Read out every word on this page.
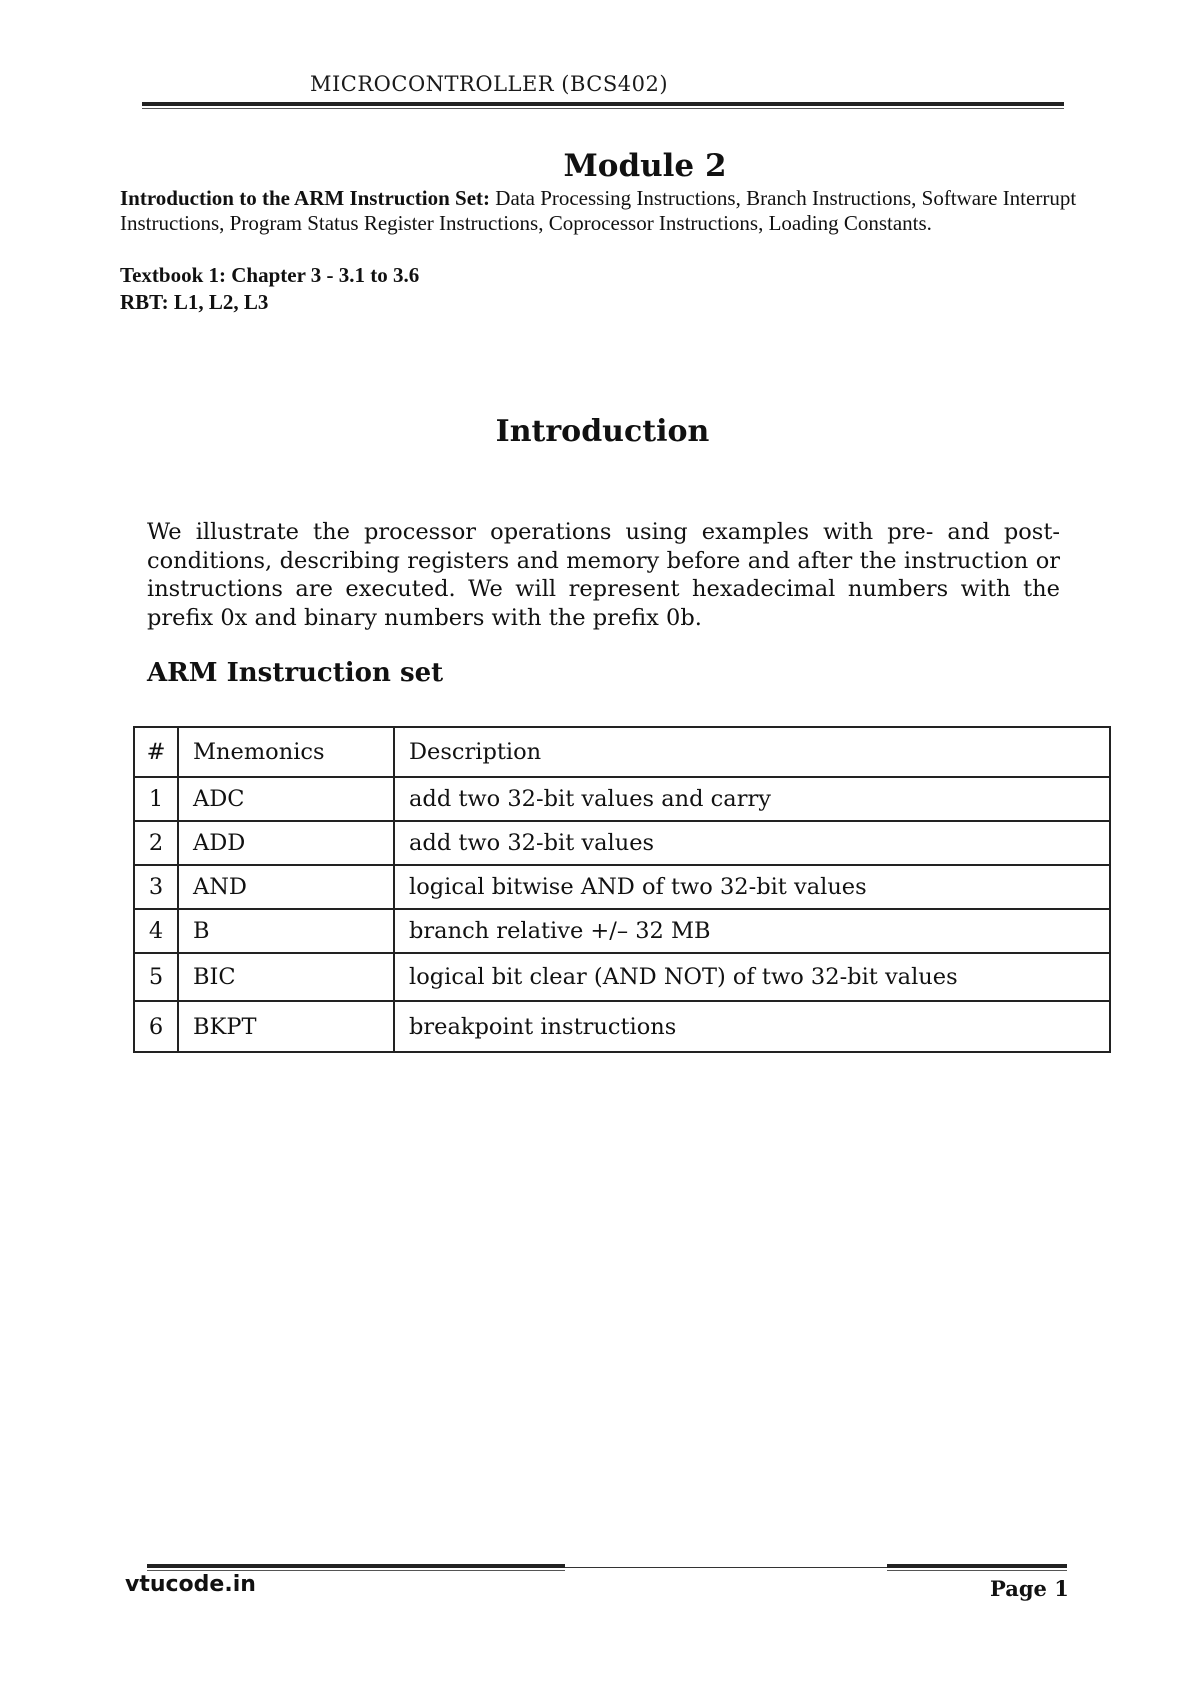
MICROCONTROLLER (BCS402)
Module 2
Introduction to the ARM Instruction Set: Data Processing Instructions, Branch Instructions, Software Interrupt Instructions, Program Status Register Instructions, Coprocessor Instructions, Loading Constants.
Textbook 1: Chapter 3 - 3.1 to 3.6
RBT: L1, L2, L3
Introduction

We illustrate the processor operations using examples with pre- and post-conditions, describing registers and memory before and after the instruction or instructions are executed. We will represent hexadecimal numbers with the prefix 0x and binary numbers with the prefix 0b.

ARM Instruction set
#	Mnemonics	Description
1	ADC	add two 32-bit values and carry
2	ADD	add two 32-bit values
3	AND	logical bitwise AND of two 32-bit values
4	B	branch relative +/– 32 MB
5	BIC	logical bit clear (AND NOT) of two 32-bit values
6	BKPT	breakpoint instructions
vtucode.in	Page 1
